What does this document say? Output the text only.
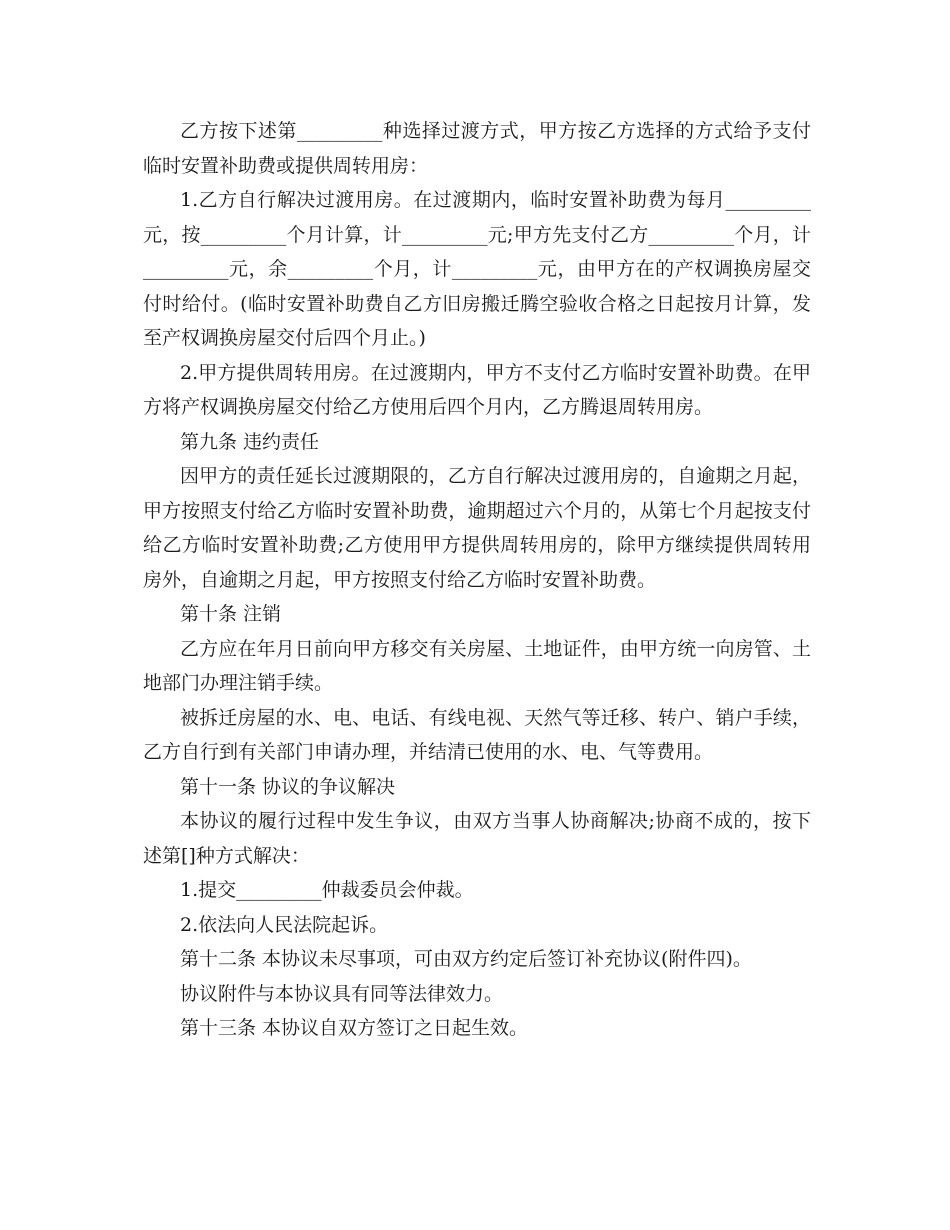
乙方按下述第_________种选择过渡方式，甲方按乙方选择的方式给予支付临时安置补助费或提供周转用房：

1.乙方自行解决过渡用房。在过渡期内，临时安置补助费为每月_________元，按_________个月计算，计_________元;甲方先支付乙方_________个月，计_________元，余_________个月，计_________元，由甲方在的产权调换房屋交付时给付。(临时安置补助费自乙方旧房搬迁腾空验收合格之日起按月计算，发至产权调换房屋交付后四个月止。)

2.甲方提供周转用房。在过渡期内，甲方不支付乙方临时安置补助费。在甲方将产权调换房屋交付给乙方使用后四个月内，乙方腾退周转用房。

第九条 违约责任

因甲方的责任延长过渡期限的，乙方自行解决过渡用房的，自逾期之月起，甲方按照支付给乙方临时安置补助费，逾期超过六个月的，从第七个月起按支付给乙方临时安置补助费;乙方使用甲方提供周转用房的，除甲方继续提供周转用房外，自逾期之月起，甲方按照支付给乙方临时安置补助费。

第十条 注销

乙方应在年月日前向甲方移交有关房屋、土地证件，由甲方统一向房管、土地部门办理注销手续。

被拆迁房屋的水、电、电话、有线电视、天然气等迁移、转户、销户手续，乙方自行到有关部门申请办理，并结清已使用的水、电、气等费用。

第十一条 协议的争议解决

本协议的履行过程中发生争议，由双方当事人协商解决;协商不成的，按下述第[]种方式解决：

1.提交_________仲裁委员会仲裁。

2.依法向人民法院起诉。

第十二条 本协议未尽事项，可由双方约定后签订补充协议(附件四)。

协议附件与本协议具有同等法律效力。

第十三条 本协议自双方签订之日起生效。
